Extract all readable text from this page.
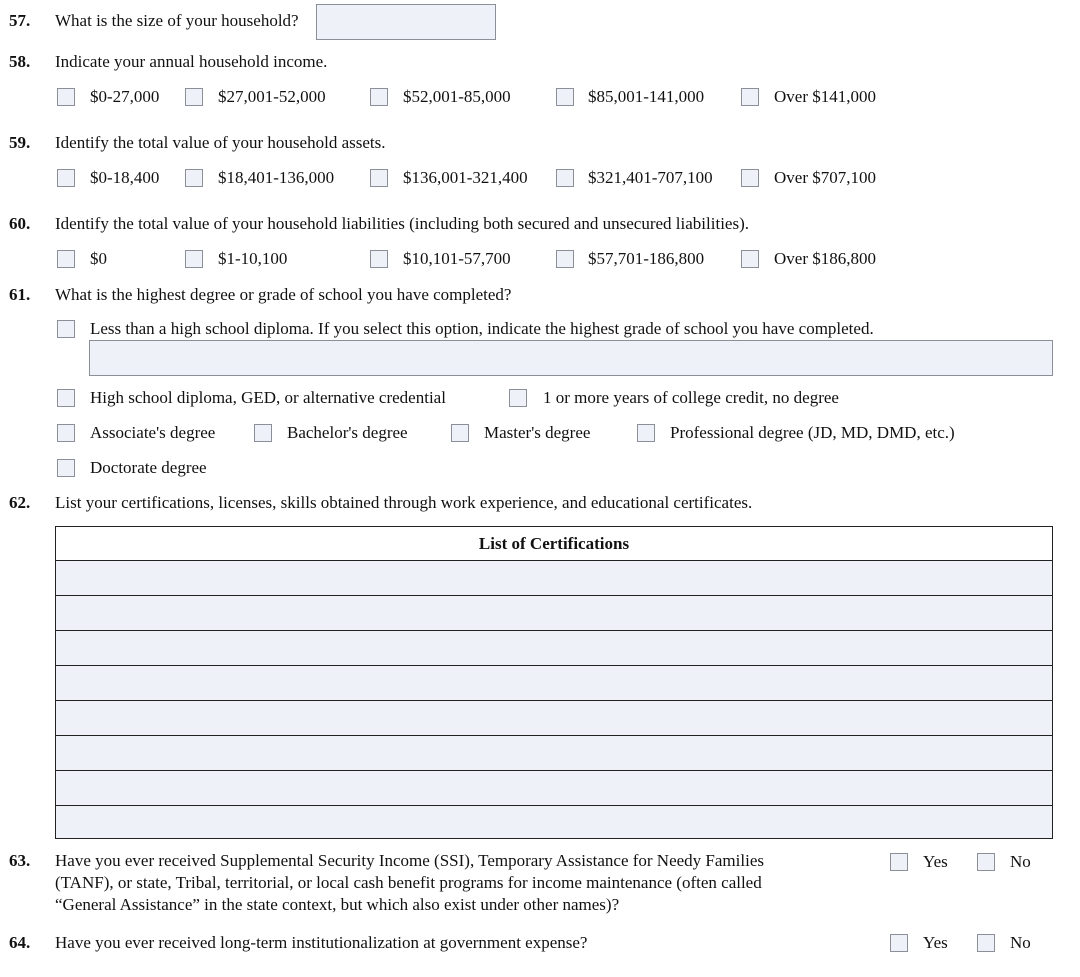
57. What is the size of your household?
58. Indicate your annual household income.
$0-27,000	$27,001-52,000	$52,001-85,000	$85,001-141,000	Over $141,000
59. Identify the total value of your household assets.
$0-18,400	$18,401-136,000	$136,001-321,400	$321,401-707,100	Over $707,100
60. Identify the total value of your household liabilities (including both secured and unsecured liabilities).
$0	$1-10,100	$10,101-57,700	$57,701-186,800	Over $186,800
61. What is the highest degree or grade of school you have completed?
Less than a high school diploma. If you select this option, indicate the highest grade of school you have completed.
High school diploma, GED, or alternative credential	1 or more years of college credit, no degree
Associate's degree	Bachelor's degree	Master's degree	Professional degree (JD, MD, DMD, etc.)
Doctorate degree
62. List your certifications, licenses, skills obtained through work experience, and educational certificates.
List of Certifications
63. Have you ever received Supplemental Security Income (SSI), Temporary Assistance for Needy Families
(TANF), or state, Tribal, territorial, or local cash benefit programs for income maintenance (often called
“General Assistance” in the state context, but which also exist under other names)?
Yes	No
64. Have you ever received long-term institutionalization at government expense?	Yes	No
